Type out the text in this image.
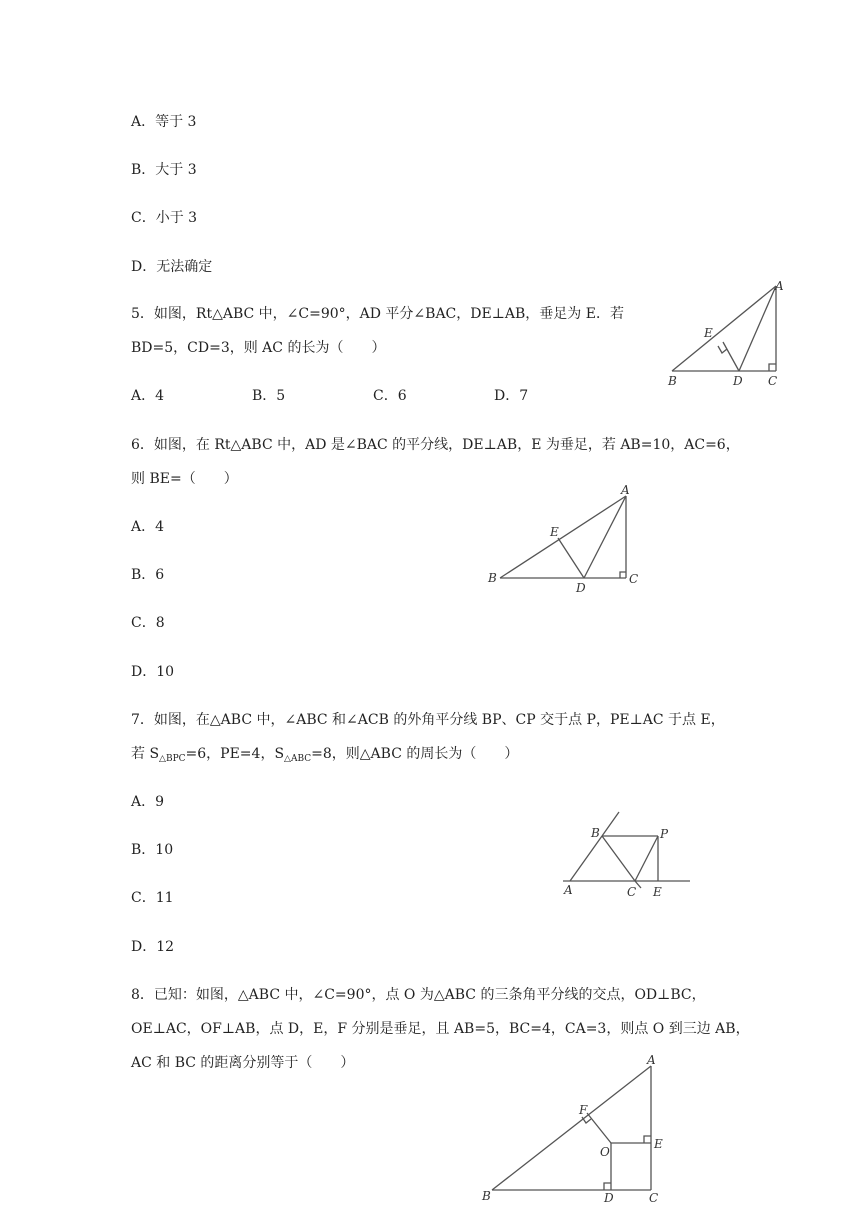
A．等于 3
B．大于 3
C．小于 3
D．无法确定
5．如图，Rt△ABC 中，∠C=90°，AD 平分∠BAC，DE⊥AB，垂足为 E．若
BD=5，CD=3，则 AC 的长为（　　）
A．4	B．5	C．6	D．7
A
B	C
D
E
6．如图，在 Rt△ABC 中，AD 是∠BAC 的平分线，DE⊥AB，E 为垂足，若 AB=10，AC=6，
则 BE=（　　）
A．4
B．6
C．8
D．10
A
B	C
D
E
7．如图，在△ABC 中，∠ABC 和∠ACB 的外角平分线 BP、CP 交于点 P，PE⊥AC 于点 E，
若 $S_{\triangle BPC}=6$，PE=4，$S_{\triangle ABC}=8$，则△ABC 的周长为（　　）
A．9
B．10
C．11
D．12
B	P
A	C E
8．已知：如图，△ABC 中，∠C=90°，点 O 为△ABC 的三条角平分线的交点，OD⊥BC，
OE⊥AC，OF⊥AB，点 D，E，F 分别是垂足，且 AB=5，BC=4，CA=3，则点 O 到三边 AB，
AC 和 BC 的距离分别等于（　　）	A
B	C
D
E
F
O
